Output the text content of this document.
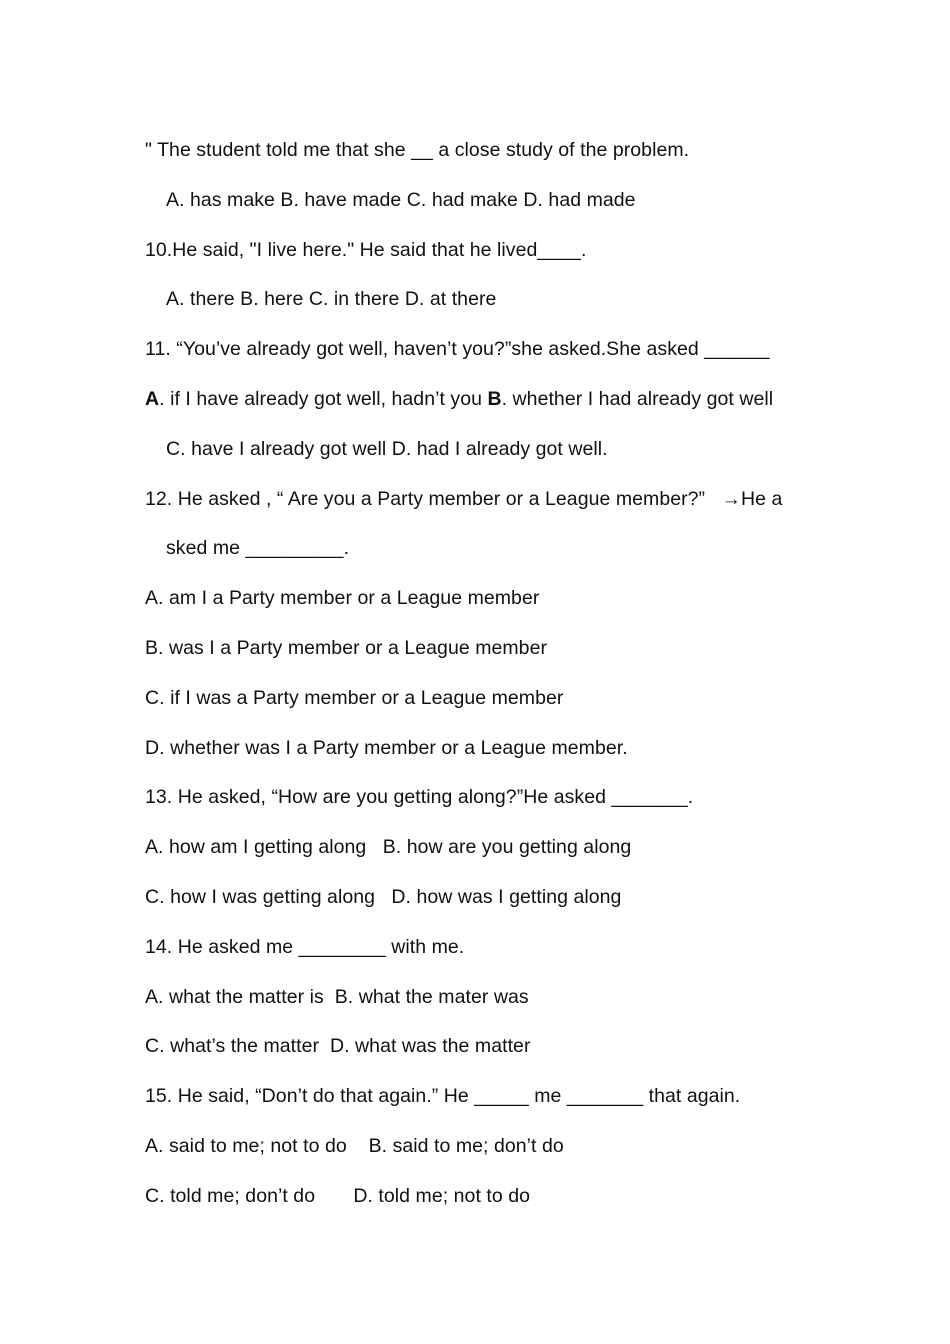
" The student told me that she __ a close study of the problem.
A. has make B. have made C. had make D. had made
10.He said, "I live here." He said that he lived____.
A. there B. here C. in there D. at there
11. “You’ve already got well, haven’t you?”she asked.She asked ______
A. if I have already got well, hadn’t you B. whether I had already got well
C. have I already got well D. had I already got well.
12. He asked , “ Are you a Party member or a League member?”   →He a
sked me _________.
A. am I a Party member or a League member
B. was I a Party member or a League member
C. if I was a Party member or a League member
D. whether was I a Party member or a League member.
13. He asked, “How are you getting along?”He asked _______.
A. how am I getting along   B. how are you getting along
C. how I was getting along   D. how was I getting along
14. He asked me ________ with me.
A. what the matter is  B. what the mater was
C. what’s the matter  D. what was the matter
15. He said, “Don’t do that again.” He _____ me _______ that again.
A. said to me; not to do    B. said to me; don’t do
C. told me; don’t do       D. told me; not to do
